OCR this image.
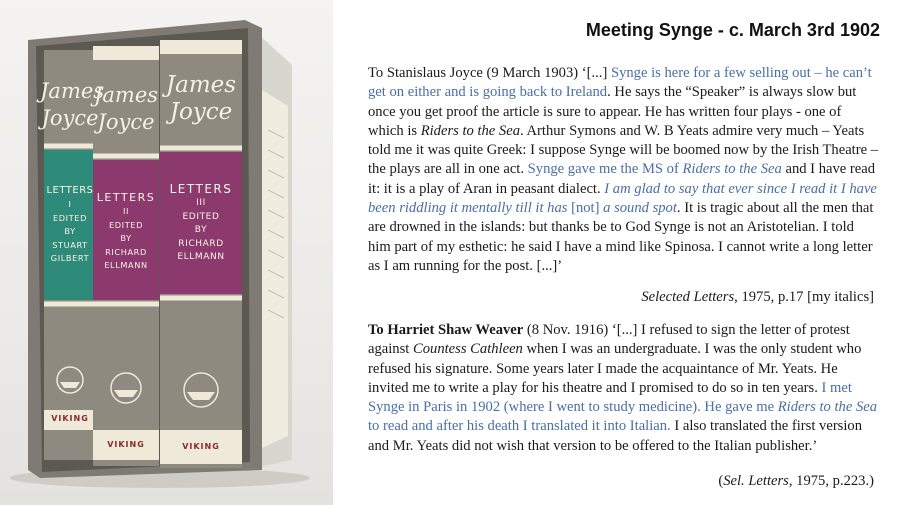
James
Joyce
LETTERS
I
EDITED
BY
STUART
GILBERT
VIKING
James
Joyce
LETTERS
II
EDITED
BY
RICHARD
ELLMANN
VIKING
James
Joyce
LETTERS
III
EDITED
BY
RICHARD
ELLMANN
VIKING
Meeting Synge - c. March 3rd 1902

To Stanislaus Joyce (9 March 1903) ‘[...] Synge is here for a few selling out – he can’t get on either and is going back to Ireland. He says the “Speaker” is always slow but once you get proof the article is sure to appear. He has written four plays - one of which is Riders to the Sea. Arthur Symons and W. B Yeats admire very much – Yeats told me it was quite Greek: I suppose Synge will be boomed now by the Irish Theatre – the plays are all in one act. Synge gave me the MS of Riders to the Sea and I have read it: it is a play of Aran in peasant dialect. I am glad to say that ever since I read it I have been riddling it mentally till it has [not] a sound spot. It is tragic about all the men that are drowned in the islands: but thanks be to God Synge is not an Aristotelian. I told him part of my esthetic: he said I have a mind like Spinosa. I cannot write a long letter as I am running for the post. [...]’

Selected Letters, 1975, p.17 [my italics]

To Harriet Shaw Weaver (8 Nov. 1916) ‘[...] I refused to sign the letter of protest against Countess Cathleen when I was an undergraduate. I was the only student who refused his signature. Some years later I made the acquaintance of Mr. Yeats. He invited me to write a play for his theatre and I promised to do so in ten years. I met Synge in Paris in 1902 (where I went to study medicine). He gave me Riders to the Sea to read and after his death I translated it into Italian. I also translated the first version and Mr. Yeats did not wish that version to be offered to the Italian publisher.’

(Sel. Letters, 1975, p.223.)
